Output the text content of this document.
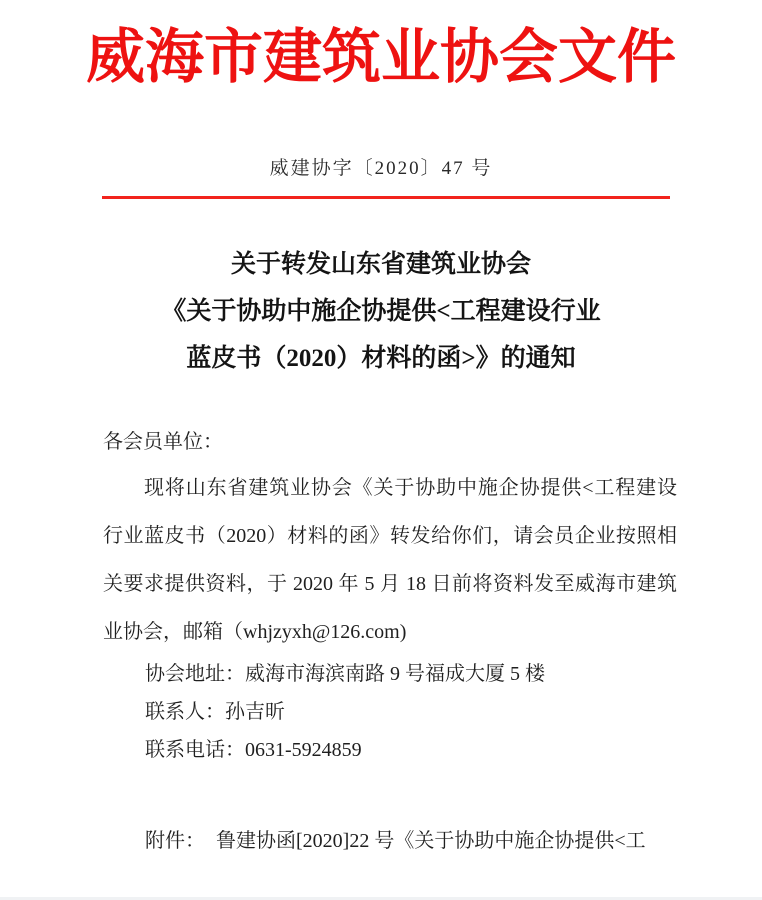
威海市建筑业协会文件
威建协字〔2020〕47 号
关于转发山东省建筑业协会
《关于协助中施企协提供<工程建设行业
蓝皮书（2020）材料的函>》的通知
各会员单位：
现将山东省建筑业协会《关于协助中施企协提供<工程建设
行业蓝皮书（2020）材料的函》转发给你们，请会员企业按照相
关要求提供资料，于 2020 年 5 月 18 日前将资料发至威海市建筑
业协会，邮箱（whjzyxh@126.com)
协会地址：威海市海滨南路 9 号福成大厦 5 楼
联系人：孙吉昕
联系电话：0631-5924859
附件： 鲁建协函[2020]22 号《关于协助中施企协提供<工
